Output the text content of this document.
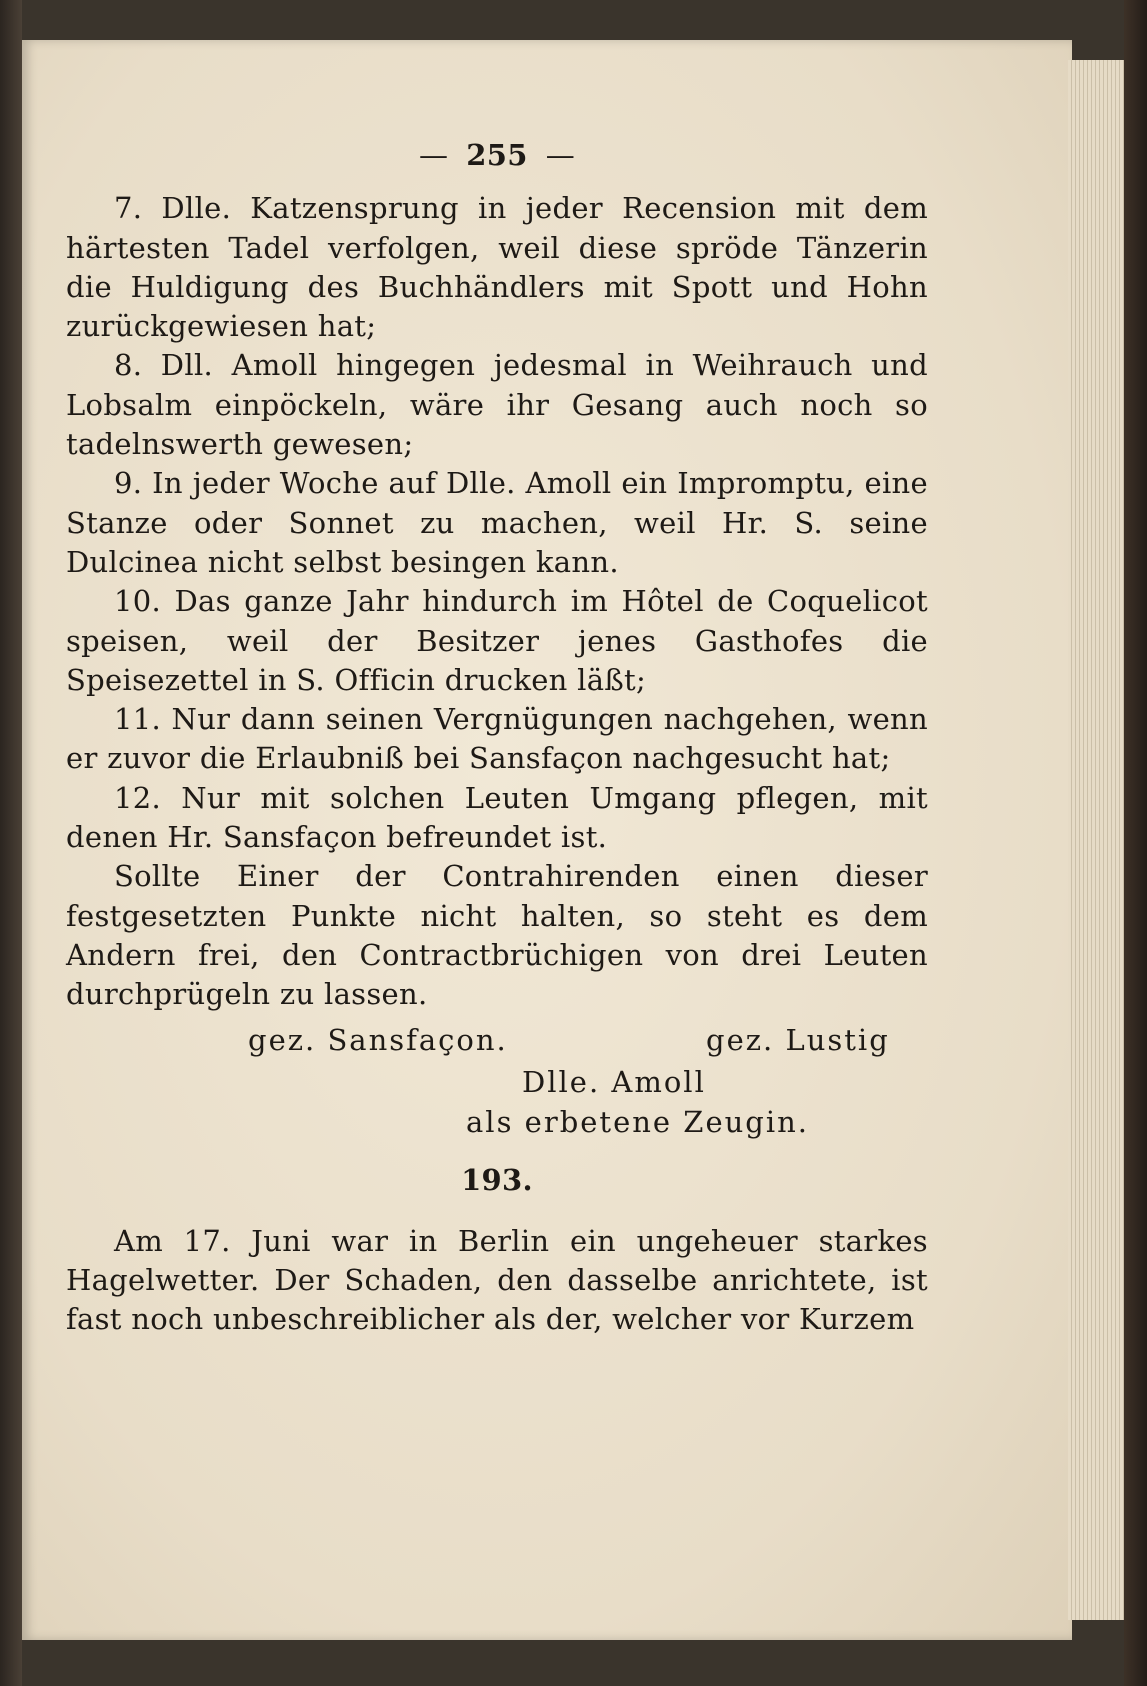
— 255 —

7. Dlle. Katzensprung in jeder Recension mit dem härtesten Tadel verfolgen, weil diese spröde Tänzerin die Huldigung des Buchhändlers mit Spott und Hohn zurückgewiesen hat;

8. Dll. Amoll hingegen jedesmal in Weihrauch und Lobsalm einpöckeln, wäre ihr Gesang auch noch so tadelnswerth gewesen;

9. In jeder Woche auf Dlle. Amoll ein Impromptu, eine Stanze oder Sonnet zu machen, weil Hr. S. seine Dulcinea nicht selbst besingen kann.

10. Das ganze Jahr hindurch im Hôtel de Coquelicot speisen, weil der Besitzer jenes Gasthofes die Speisezettel in S. Officin drucken läßt;

11. Nur dann seinen Vergnügungen nachgehen, wenn er zuvor die Erlaubniß bei Sansfaçon nachgesucht hat;

12. Nur mit solchen Leuten Umgang pflegen, mit denen Hr. Sansfaçon befreundet ist.

Sollte Einer der Contrahirenden einen dieser festgesetzten Punkte nicht halten, so steht es dem Andern frei, den Contractbrüchigen von drei Leuten durchprügeln zu lassen.

gez. Sansfaçon.	gez. Lustig
Dlle. Amoll
als erbetene Zeugin.
193.

Am 17. Juni war in Berlin ein ungeheuer starkes Hagelwetter. Der Schaden, den dasselbe anrichtete, ist fast noch unbeschreiblicher als der, welcher vor Kurzem
